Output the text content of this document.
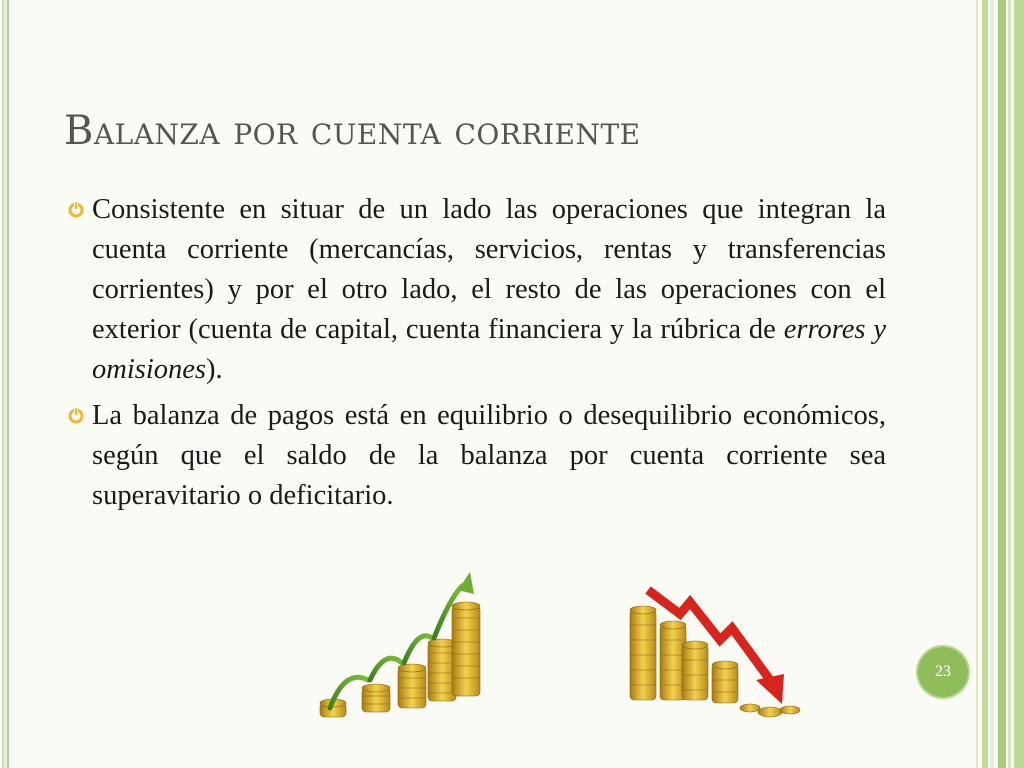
Balanza por cuenta corriente
Consistente en situar de un lado las operaciones que integran la cuenta corriente (mercancías, servicios, rentas y transferencias corrientes) y por el otro lado, el resto de las operaciones con el exterior (cuenta de capital, cuenta financiera y la rúbrica de errores y omisiones).
La balanza de pagos está en equilibrio o desequilibrio económicos, según que el saldo de la balanza por cuenta corriente sea superavitario o deficitario.
23
